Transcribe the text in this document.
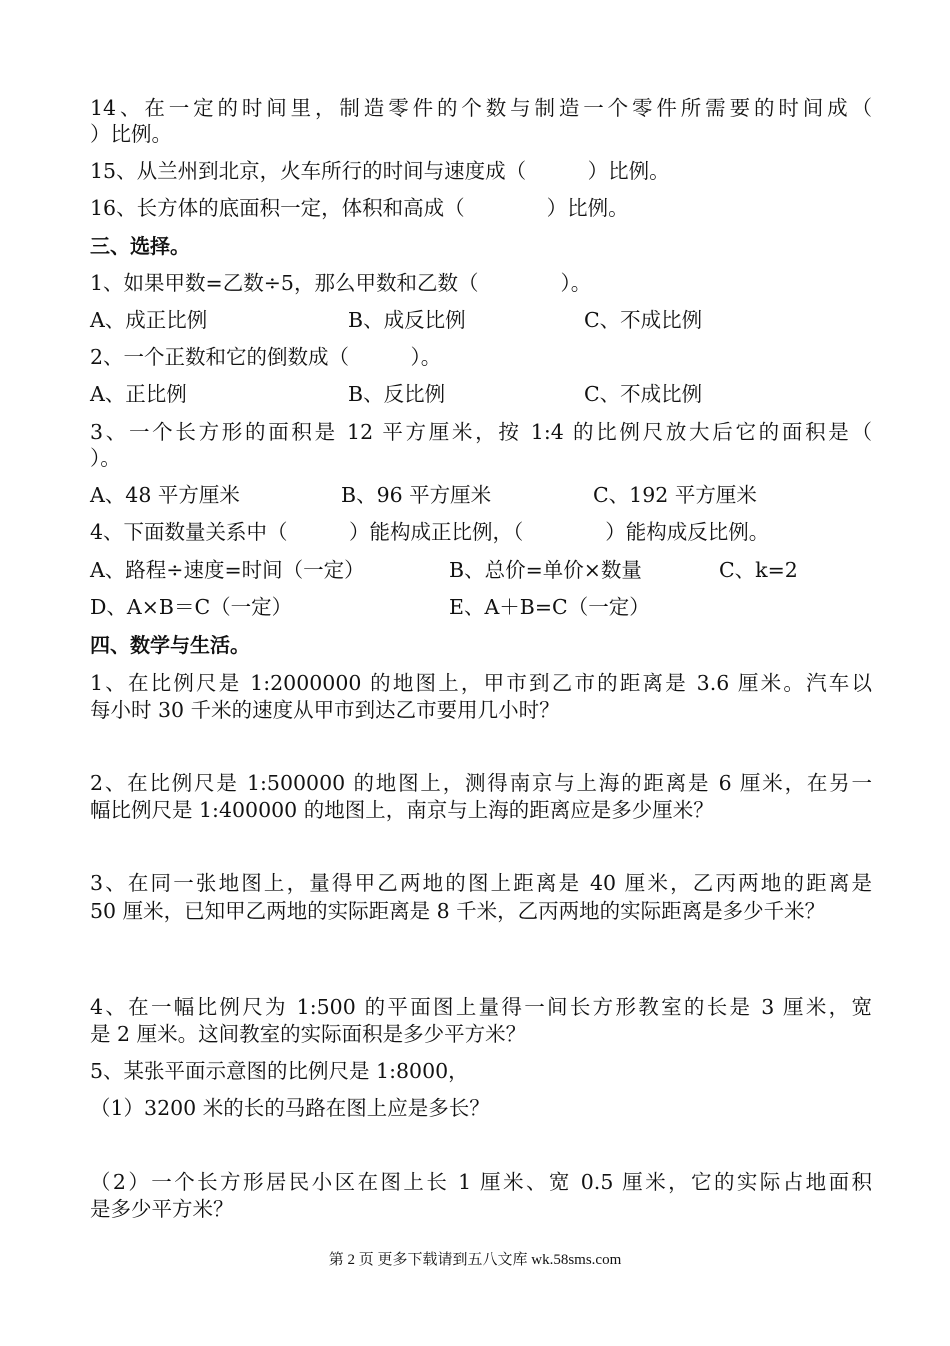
14、在一定的时间里，制造零件的个数与制造一个零件所需要的时间成（
）比例。
15、从兰州到北京，火车所行的时间与速度成（　　　）比例。
16、长方体的底面积一定，体积和高成（　　　　）比例。
三、选择。
1、如果甲数=乙数÷5，那么甲数和乙数（　　　　）。
A、成正比例	B、成反比例	C、不成比例
2、一个正数和它的倒数成（　　　）。
A、正比例	B、反比例	C、不成比例
3、一个长方形的面积是 12 平方厘米，按 1:4 的比例尺放大后它的面积是（
）。
A、48 平方厘米	B、96 平方厘米	C、192 平方厘米
4、下面数量关系中（　　　）能构成正比例，（　　　　）能构成反比例。
A、路程÷速度=时间（一定）	B、总价=单价×数量	C、k=2
D、A×B＝C（一定）	E、A＋B=C（一定）
四、数学与生活。
1、在比例尺是 1:2000000 的地图上，甲市到乙市的距离是 3.6 厘米。汽车以
每小时 30 千米的速度从甲市到达乙市要用几小时？
2、在比例尺是 1:500000 的地图上，测得南京与上海的距离是 6 厘米，在另一
幅比例尺是 1:400000 的地图上，南京与上海的距离应是多少厘米？
3、在同一张地图上，量得甲乙两地的图上距离是 40 厘米，乙丙两地的距离是
50 厘米，已知甲乙两地的实际距离是 8 千米，乙丙两地的实际距离是多少千米？
4、在一幅比例尺为 1:500 的平面图上量得一间长方形教室的长是 3 厘米，宽
是 2 厘米。这间教室的实际面积是多少平方米？
5、某张平面示意图的比例尺是 1:8000，
（1）3200 米的长的马路在图上应是多长？
（2）一个长方形居民小区在图上长 1 厘米、宽 0.5 厘米，它的实际占地面积
是多少平方米？
第 2 页 更多下载请到五八文库 wk.58sms.com
